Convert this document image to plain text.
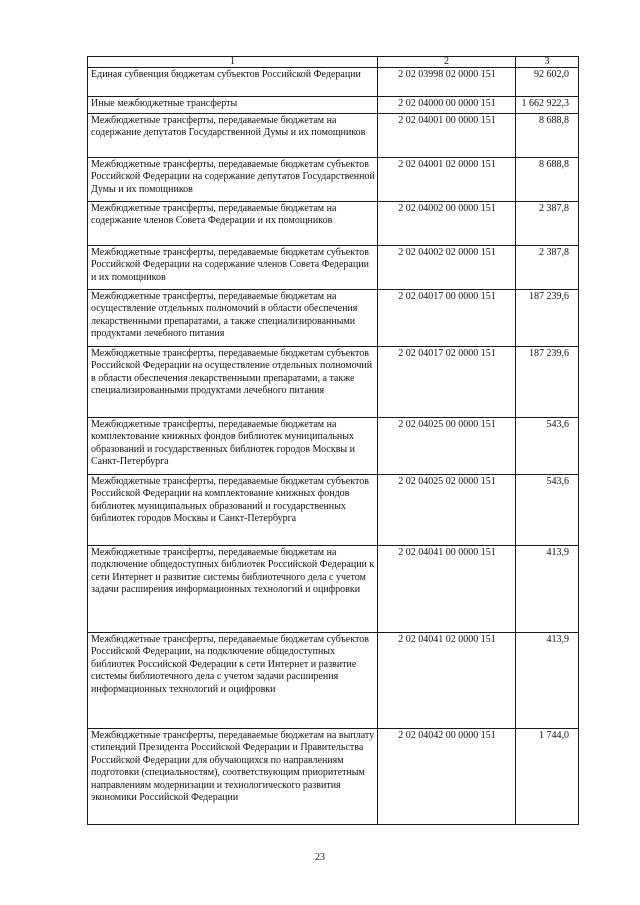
1	2	3
Единая субвенция бюджетам субъектов Российской Федерации	2 02 03998 02 0000 151	92 602,0
Иные межбюджетные трансферты	2 02 04000 00 0000 151	1 662 922,3
Межбюджетные трансферты, передаваемые бюджетам на содержание депутатов Государственной Думы и их помощников	2 02 04001 00 0000 151	8 688,8
Межбюджетные трансферты, передаваемые бюджетам субъектов Российской Федерации на содержание депутатов Государственной Думы и их помощников	2 02 04001 02 0000 151	8 688,8
Межбюджетные трансферты, передаваемые бюджетам на содержание членов Совета Федерации и их помощников	2 02 04002 00 0000 151	2 387,8
Межбюджетные трансферты, передаваемые бюджетам субъектов Российской Федерации на содержание членов Совета Федерации и их помощников	2 02 04002 02 0000 151	2 387,8
Межбюджетные трансферты, передаваемые бюджетам на осуществление отдельных полномочий в области обеспечения лекарственными препаратами, а также специализированными продуктами лечебного питания	2 02 04017 00 0000 151	187 239,6
Межбюджетные трансферты, передаваемые бюджетам субъектов Российской Федерации на осуществление отдельных полномочий в области обеспечения лекарственными препаратами, а также специализированными продуктами лечебного питания	2 02 04017 02 0000 151	187 239,6
Межбюджетные трансферты, передаваемые бюджетам на комплектование книжных фондов библиотек муниципальных образований и государственных библиотек городов Москвы и Санкт-Петербурга	2 02 04025 00 0000 151	543,6
Межбюджетные трансферты, передаваемые бюджетам субъектов Российской Федерации на комплектование книжных фондов библиотек муниципальных образований и государственных библиотек городов Москвы и Санкт-Петербурга	2 02 04025 02 0000 151	543,6
Межбюджетные трансферты, передаваемые бюджетам на подключение общедоступных библиотек Российской Федерации к сети Интернет и развитие системы библиотечного дела с учетом задачи расширения информационных технологий и оцифровки	2 02 04041 00 0000 151	413,9
Межбюджетные трансферты, передаваемые бюджетам субъектов Российской Федерации, на подключение общедоступных библиотек Российской Федерации к сети Интернет и развитие системы библиотечного дела с учетом задачи расширения информационных технологий и оцифровки	2 02 04041 02 0000 151	413,9
Межбюджетные трансферты, передаваемые бюджетам на выплату стипендий Президента Российской Федерации и Правительства Российской Федерации для обучающихся по направлениям подготовки (специальностям), соответствующим приоритетным направлениям модернизации и технологического развития экономики Российской Федерации	2 02 04042 00 0000 151	1 744,0
23
